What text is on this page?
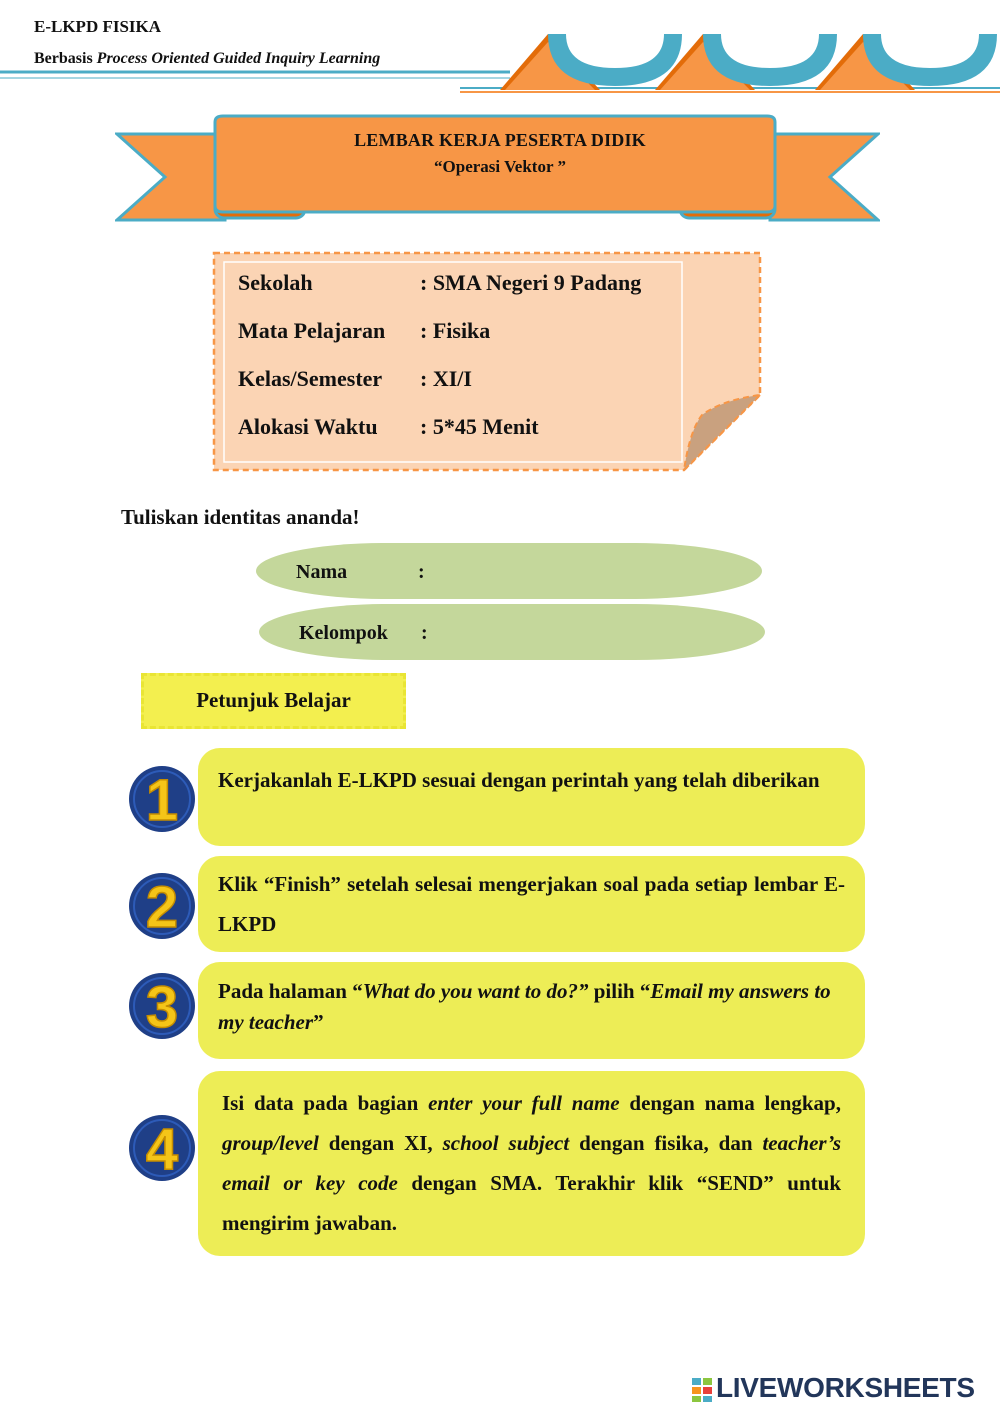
E-LKPD FISIKA
Berbasis Process Oriented Guided Inquiry Learning
LEMBAR KERJA PESERTA DIDIK
“Operasi Vektor ”
Sekolah	: SMA Negeri 9 Padang
Mata Pelajaran : Fisika
Kelas/Semester : XI/I
Alokasi Waktu : 5*45 Menit
Tuliskan identitas ananda!
Nama	:
Kelompok :
Petunjuk Belajar
1
2
3
4
Kerjakanlah E-LKPD sesuai dengan perintah yang telah diberikan
Klik “Finish” setelah selesai mengerjakan soal pada setiap lembar E-LKPD
Pada halaman “What do you want to do?” pilih “Email my answers to my teacher”
Isi data pada bagian enter your full name dengan nama lengkap, group/level dengan XI, school subject dengan fisika, dan teacher’s email or key code dengan SMA. Terakhir klik “SEND” untuk mengirim jawaban.
LIVEWORKSHEETS
